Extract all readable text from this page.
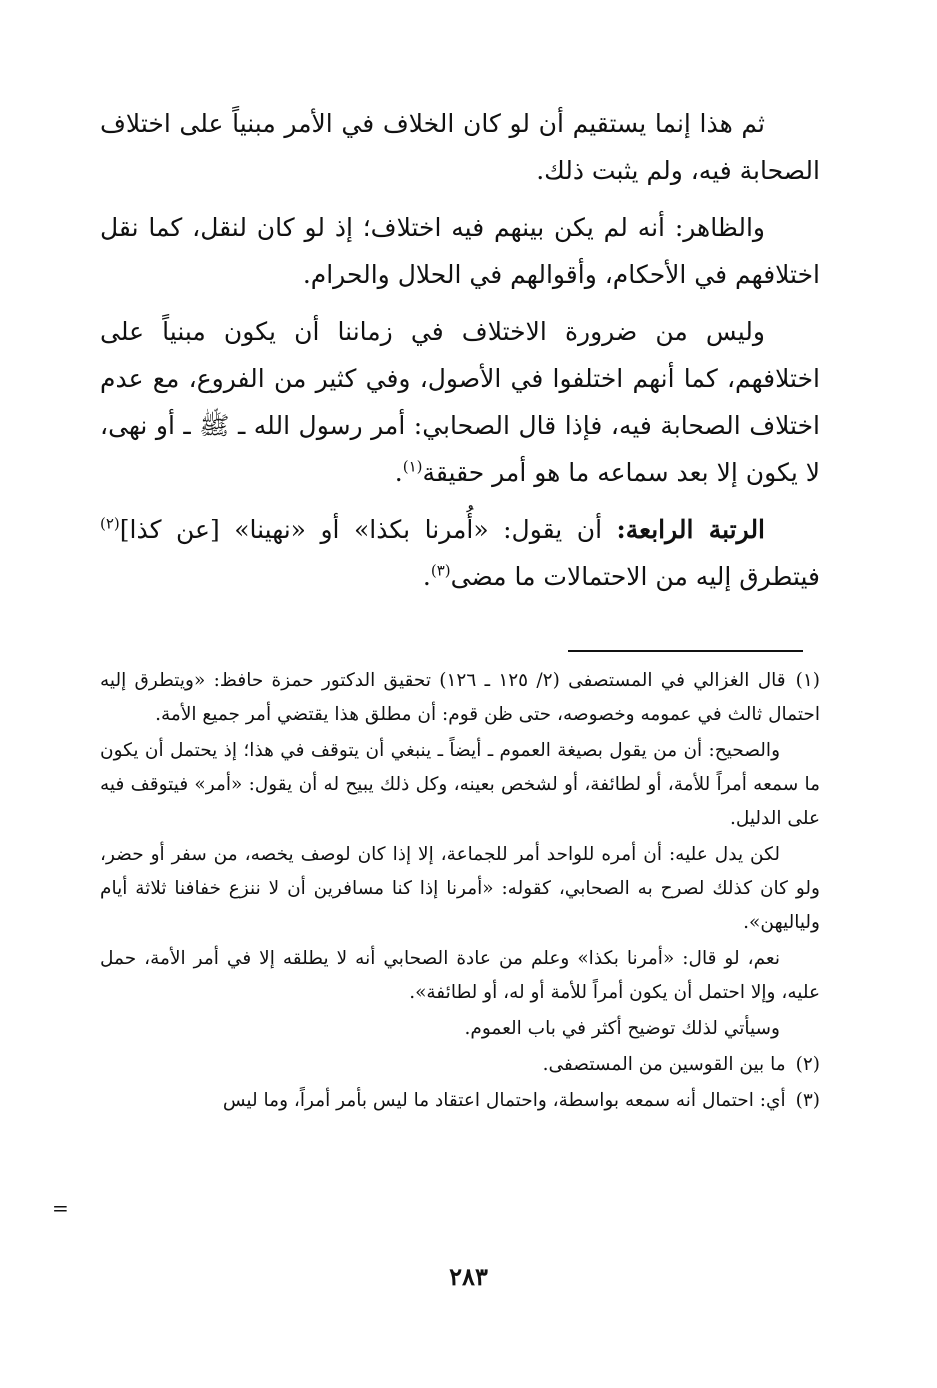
ثم هذا إنما يستقيم أن لو كان الخلاف في الأمر مبنياً على اختلاف الصحابة فيه، ولم يثبت ذلك.

والظاهر: أنه لم يكن بينهم فيه اختلاف؛ إذ لو كان لنقل، كما نقل اختلافهم في الأحكام، وأقوالهم في الحلال والحرام.

وليس من ضرورة الاختلاف في زماننا أن يكون مبنياً على اختلافهم، كما أنهم اختلفوا في الأصول، وفي كثير من الفروع، مع عدم اختلاف الصحابة فيه، فإذا قال الصحابي: أمر رسول الله ـ ﷺ ـ أو نهى، لا يكون إلا بعد سماعه ما هو أمر حقيقة$^{(١)}$.

الرتبة الرابعة: أن يقول: «أُمرنا بكذا» أو «نهينا» [عن كذا]$^{(٢)}$ فيتطرق إليه من الاحتمالات ما مضى$^{(٣)}$.

(١)قال الغزالي في المستصفى (٢/ ١٢٥ ـ ١٢٦) تحقيق الدكتور حمزة حافظ: «ويتطرق إليه احتمال ثالث في عمومه وخصوصه، حتى ظن قوم: أن مطلق هذا يقتضي أمر جميع الأمة.

والصحيح: أن من يقول بصيغة العموم ـ أيضاً ـ ينبغي أن يتوقف في هذا؛ إذ يحتمل أن يكون ما سمعه أمراً للأمة، أو لطائفة، أو لشخص بعينه، وكل ذلك يبيح له أن يقول: «أمر» فيتوقف فيه على الدليل.

لكن يدل عليه: أن أمره للواحد أمر للجماعة، إلا إذا كان لوصف يخصه، من سفر أو حضر، ولو كان كذلك لصرح به الصحابي، كقوله: «أمرنا إذا كنا مسافرين أن لا ننزع خفافنا ثلاثة أيام ولياليهن».

نعم، لو قال: «أمرنا بكذا» وعلم من عادة الصحابي أنه لا يطلقه إلا في أمر الأمة، حمل عليه، وإلا احتمل أن يكون أمراً للأمة أو له، أو لطائفة».

وسيأتي لذلك توضيح أكثر في باب العموم.

(٢)ما بين القوسين من المستصفى.

(٣)أي: احتمال أنه سمعه بواسطة، واحتمال اعتقاد ما ليس بأمر أمراً، وما ليس

=
٢٨٣
